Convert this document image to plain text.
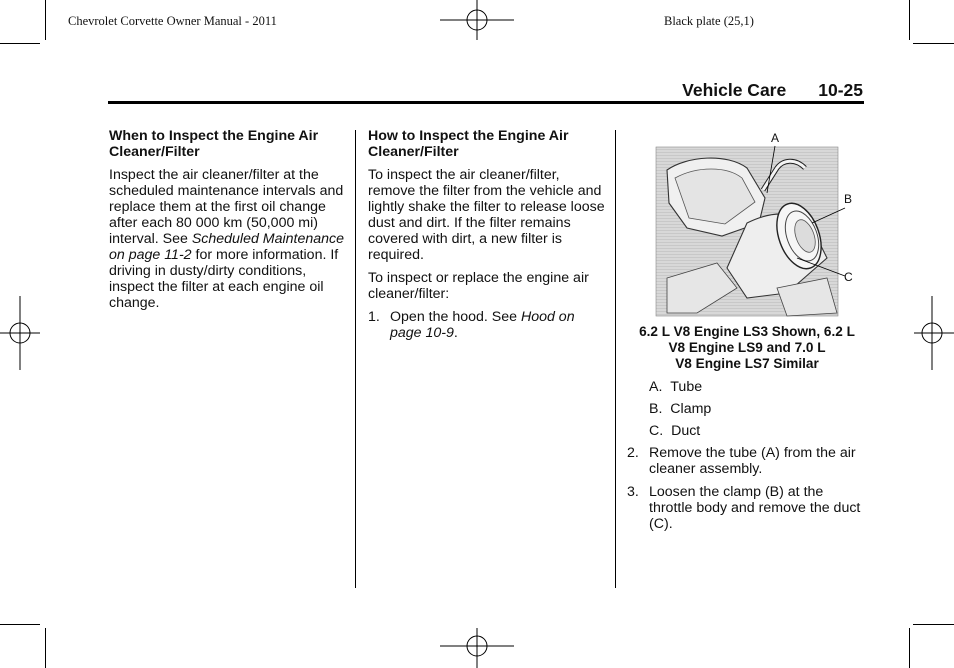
Chevrolet Corvette Owner Manual - 2011	Black plate (25,1)
Vehicle Care 10-25
When to Inspect the Engine Air Cleaner/Filter

Inspect the air cleaner/filter at the scheduled maintenance intervals and replace them at the first oil change after each 80 000 km (50,000 mi) interval. See Scheduled Maintenance on page 11-2 for more information. If driving in dusty/dirty conditions, inspect the filter at each engine oil change.

How to Inspect the Engine Air Cleaner/Filter

To inspect the air cleaner/filter, remove the filter from the vehicle and lightly shake the filter to release loose dust and dirt. If the filter remains covered with dirt, a new filter is required.

To inspect or replace the engine air cleaner/filter:

1. Open the hood. See Hood on page 10-9.
A
B
C
6.2 L V8 Engine LS3 Shown, 6.2 L
V8 Engine LS9 and 7.0 L
V8 Engine LS7 Similar
A. Tube
B. Clamp
C. Duct
2. Remove the tube (A) from the air cleaner assembly.
3. Loosen the clamp (B) at the throttle body and remove the duct (C).
